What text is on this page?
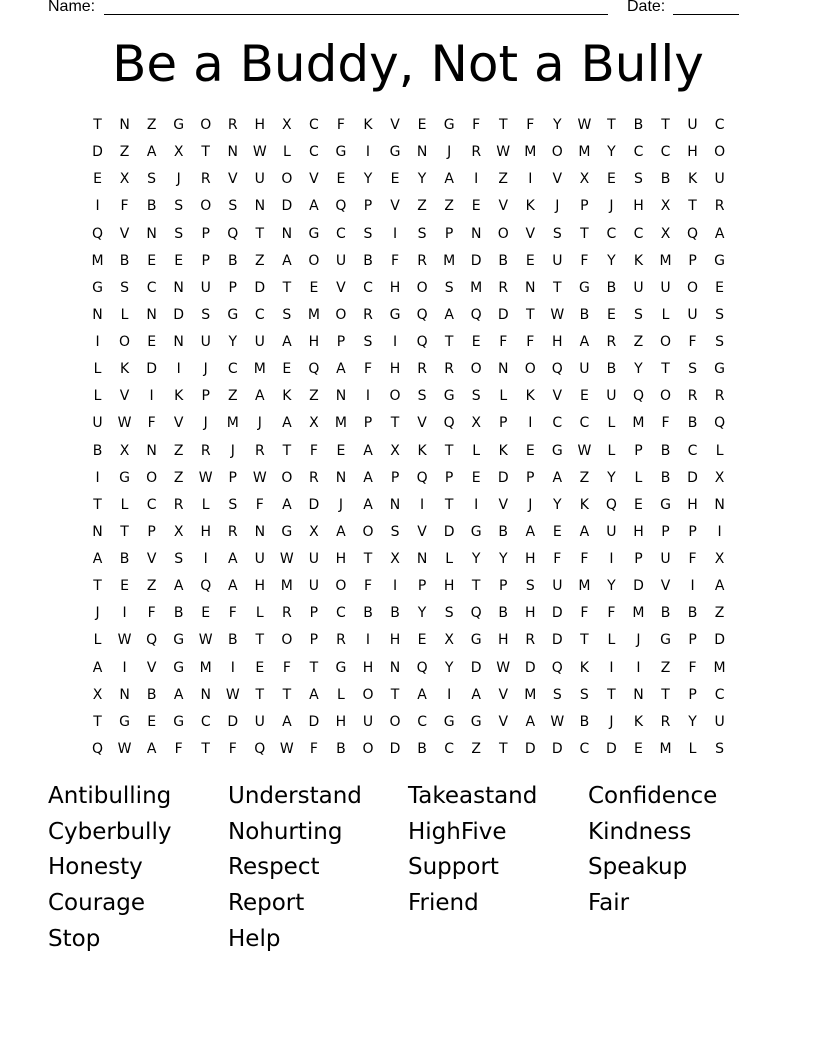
Name:	Date:
Be a Buddy, Not a Bully
T	N	Z	G	O	R	H	X	C	F	K	V	E	G	F	T	F	Y	W	T	B	T	U	C
D	Z	A	X	T	N	W	L	C	G	I	G	N	J	R	W	M	O	M	Y	C	C	H	O
E	X	S	J	R	V	U	O	V	E	Y	E	Y	A	I	Z	I	V	X	E	S	B	K	U
I	F	B	S	O	S	N	D	A	Q	P	V	Z	Z	E	V	K	J	P	J	H	X	T	R
Q	V	N	S	P	Q	T	N	G	C	S	I	S	P	N	O	V	S	T	C	C	X	Q	A
M	B	E	E	P	B	Z	A	O	U	B	F	R	M	D	B	E	U	F	Y	K	M	P	G
G	S	C	N	U	P	D	T	E	V	C	H	O	S	M	R	N	T	G	B	U	U	O	E
N	L	N	D	S	G	C	S	M	O	R	G	Q	A	Q	D	T	W	B	E	S	L	U	S
I	O	E	N	U	Y	U	A	H	P	S	I	Q	T	E	F	F	H	A	R	Z	O	F	S
L	K	D	I	J	C	M	E	Q	A	F	H	R	R	O	N	O	Q	U	B	Y	T	S	G
L	V	I	K	P	Z	A	K	Z	N	I	O	S	G	S	L	K	V	E	U	Q	O	R	R
U	W	F	V	J	M	J	A	X	M	P	T	V	Q	X	P	I	C	C	L	M	F	B	Q
B	X	N	Z	R	J	R	T	F	E	A	X	K	T	L	K	E	G	W	L	P	B	C	L
I	G	O	Z	W	P	W	O	R	N	A	P	Q	P	E	D	P	A	Z	Y	L	B	D	X
T	L	C	R	L	S	F	A	D	J	A	N	I	T	I	V	J	Y	K	Q	E	G	H	N
N	T	P	X	H	R	N	G	X	A	O	S	V	D	G	B	A	E	A	U	H	P	P	I
A	B	V	S	I	A	U	W	U	H	T	X	N	L	Y	Y	H	F	F	I	P	U	F	X
T	E	Z	A	Q	A	H	M	U	O	F	I	P	H	T	P	S	U	M	Y	D	V	I	A
J	I	F	B	E	F	L	R	P	C	B	B	Y	S	Q	B	H	D	F	F	M	B	B	Z
L	W	Q	G	W	B	T	O	P	R	I	H	E	X	G	H	R	D	T	L	J	G	P	D
A	I	V	G	M	I	E	F	T	G	H	N	Q	Y	D	W	D	Q	K	I	I	Z	F	M
X	N	B	A	N	W	T	T	A	L	O	T	A	I	A	V	M	S	S	T	N	T	P	C
T	G	E	G	C	D	U	A	D	H	U	O	C	G	G	V	A	W	B	J	K	R	Y	U
Q	W	A	F	T	F	Q	W	F	B	O	D	B	C	Z	T	D	D	C	D	E	M	L	S
Antibulling	Understand	Takeastand	Confidence
Cyberbully	Nohurting	HighFive	Kindness
Honesty	Respect	Support	Speakup
Courage	Report	Friend	Fair
Stop	Help
